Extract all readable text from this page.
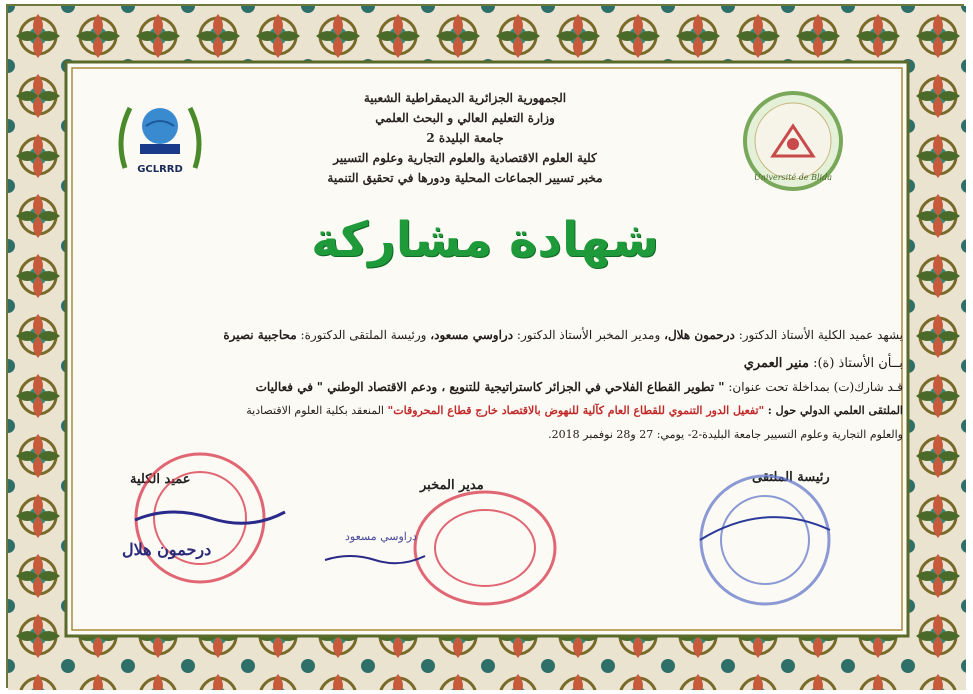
GCLRRD
Université de Blida
الجمهورية الجزائرية الديمقراطية الشعبية
وزارة التعليم العالي و البحث العلمي
جامعة البليدة 2
كلية العلوم الاقتصادية والعلوم التجارية وعلوم التسيير
مخبر تسيير الجماعات المحلية ودورها في تحقيق التنمية
شهادة مشاركة
يشهد عميد الكلية الأستاذ الدكتور: درحمون هلال، ومدير المخبر الأستاذ الدكتور: دراوسي مسعود، ورئيسة الملتقى الدكتورة: محاجبية نصيرة
بــأن الأستاذ (ة): منير العمري
قـد شارك(ت) بمداخلة تحت عنوان: " تطوير القطاع الفلاحي في الجزائر كاستراتيجية للتنويع ، ودعم الاقتصاد الوطني " في فعاليات
الملتقى العلمي الدولي حول : "تفعيل الدور التنموي للقطاع العام كآلية للنهوض بالاقتصاد خارج قطاع المحروقات" المنعقد بكلية العلوم الاقتصادية
والعلوم التجارية وعلوم التسيير جامعة البليدة-2- يومي: 27 و28 نوفمبر 2018.
عميد الكلية	مدير المخبر
رئيسة الملتقى
درحمون هلال
دراوسي مسعود
